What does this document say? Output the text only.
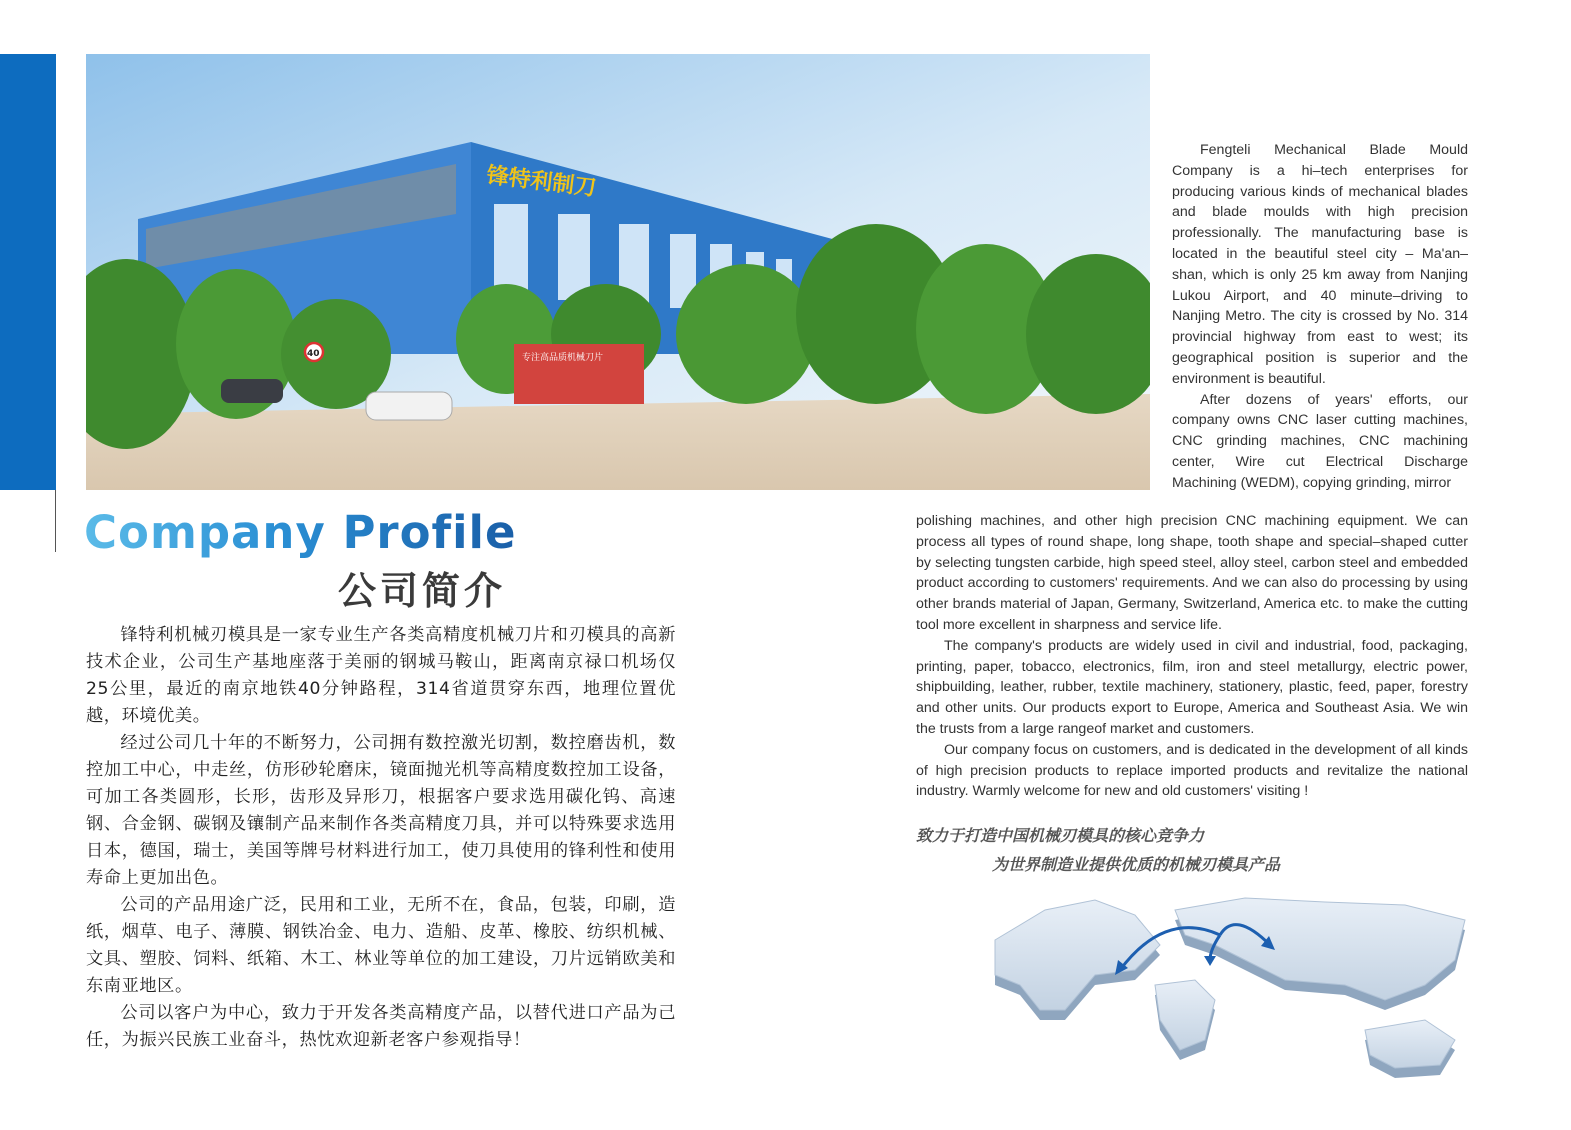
锋特利制刀
专注高品质机械刀片
40

Fengteli Mechanical Blade Mould Company is a hi–tech enterprises for producing various kinds of mechanical blades and blade moulds with high precision professionally. The manufacturing base is located in the beautiful steel city – Ma'an–shan, which is only 25 km away from Nanjing Lukou Airport, and 40 minute–driving to Nanjing Metro. The city is crossed by No. 314 provincial highway from east to west; its geographical position is superior and the environment is beautiful.

After dozens of years' efforts, our company owns CNC laser cutting machines, CNC grinding machines, CNC machining center, Wire cut Electrical Discharge Machining (WEDM), copying grinding, mirror

polishing machines, and other high precision CNC machining equipment. We can process all types of round shape, long shape, tooth shape and special–shaped cutter by selecting tungsten carbide, high speed steel, alloy steel, carbon steel and embedded product according to customers' requirements. And we can also do processing by using other brands material of Japan, Germany, Switzerland, America etc. to make the cutting tool more excellent in sharpness and service life.

The company's products are widely used in civil and industrial, food, packaging, printing, paper, tobacco, electronics, film, iron and steel metallurgy, electric power, shipbuilding, leather, rubber, textile machinery, stationery, plastic, feed, paper, forestry and other units. Our products export to Europe, America and Southeast Asia. We win the trusts from a large rangeof market and customers.

Our company focus on customers, and is dedicated in the development of all kinds of high precision products to replace imported products and revitalize the national industry. Warmly welcome for new and old customers' visiting !

Company Profile
公司简介

锋特利机械刃模具是一家专业生产各类高精度机械刀片和刃模具的高新技术企业，公司生产基地座落于美丽的钢城马鞍山，距离南京禄口机场仅25公里，最近的南京地铁40分钟路程，314省道贯穿东西，地理位置优越，环境优美。

经过公司几十年的不断努力，公司拥有数控激光切割，数控磨齿机，数控加工中心，中走丝，仿形砂轮磨床，镜面抛光机等高精度数控加工设备，可加工各类圆形，长形，齿形及异形刀，根据客户要求选用碳化钨、高速钢、合金钢、碳钢及镶制产品来制作各类高精度刀具，并可以特殊要求选用日本，德国，瑞士，美国等牌号材料进行加工，使刀具使用的锋利性和使用寿命上更加出色。

公司的产品用途广泛，民用和工业，无所不在，食品，包装，印刷，造纸，烟草、电子、薄膜、钢铁冶金、电力、造船、皮革、橡胶、纺织机械、文具、塑胶、饲料、纸箱、木工、林业等单位的加工建设，刀片远销欧美和东南亚地区。

公司以客户为中心，致力于开发各类高精度产品，以替代进口产品为己任，为振兴民族工业奋斗，热忱欢迎新老客户参观指导！

致力于打造中国机械刃模具的核心竞争力
为世界制造业提供优质的机械刃模具产品
